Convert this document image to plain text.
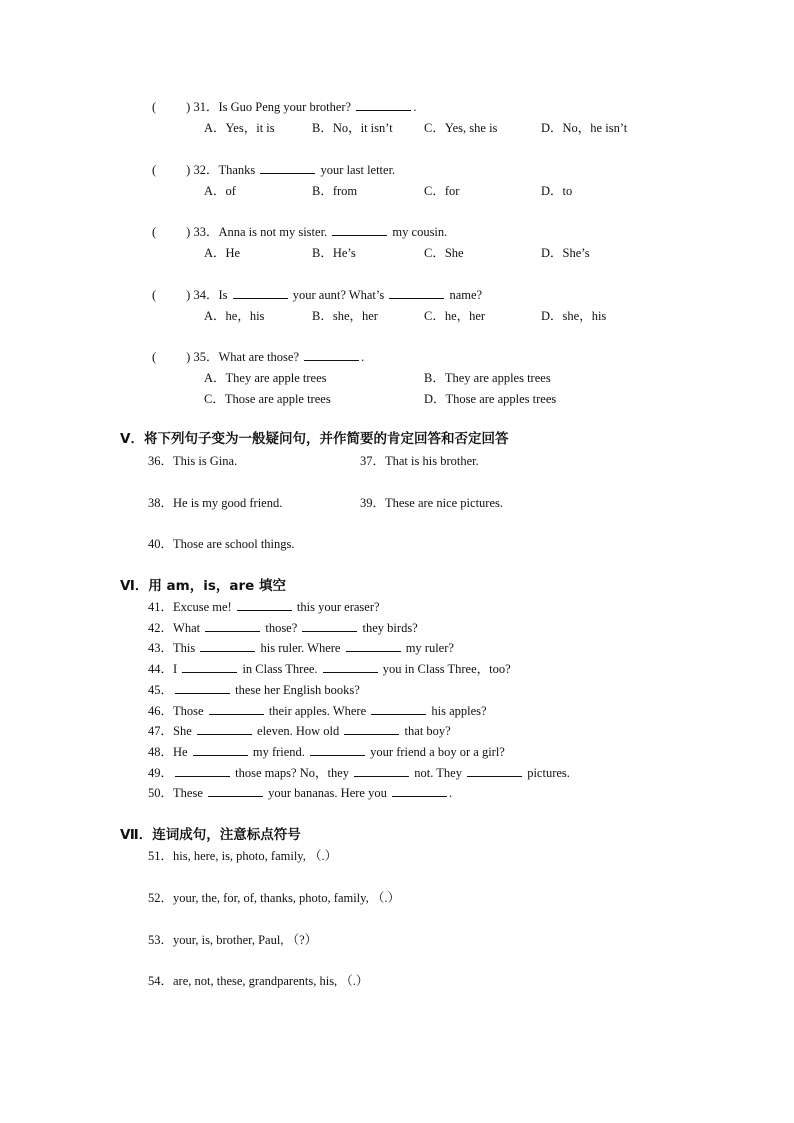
( ) 31．Is Guo Peng your brother?	.
A．Yes，it is	B．No，it isn’t	C．Yes, she is	D．No，he isn’t
( ) 32．Thanks	your last letter.
A．of	B．from	C．for	D．to
( ) 33．Anna is not my sister.	my cousin.
A．He	B．He’s	C．She	D．She’s
( ) 34．Is	your aunt? What’s	name?
A．he，his	B．she，her	C．he，her	D．she，his
( ) 35．What are those?	.
A．They are apple trees	B．They are apples trees
C．Those are apple trees	D．Those are apples trees
Ⅴ．将下列句子变为一般疑问句，并作简要的肯定回答和否定回答
36．This is Gina.	37．That is his brother.
38．He is my good friend.	39．These are nice pictures.
40．Those are school things.
Ⅵ．用 am，is，are 填空
41．Excuse me!	this your eraser?
42．What	those?	they birds?
43．This	his ruler. Where	my ruler?
44．I	in Class Three.	you in Class Three，too?
45．	these her English books?
46．Those	their apples. Where	his apples?
47．She	eleven. How old	that boy?
48．He	my friend.	your friend a boy or a girl?
49．	those maps? No，they	not. They	pictures.
50．These	your bananas. Here you	.
Ⅶ．连词成句，注意标点符号
51．his, here, is, photo, family, （.）
52．your, the, for, of, thanks, photo, family, （.）
53．your, is, brother, Paul, （?）
54．are, not, these, grandparents, his, （.）
